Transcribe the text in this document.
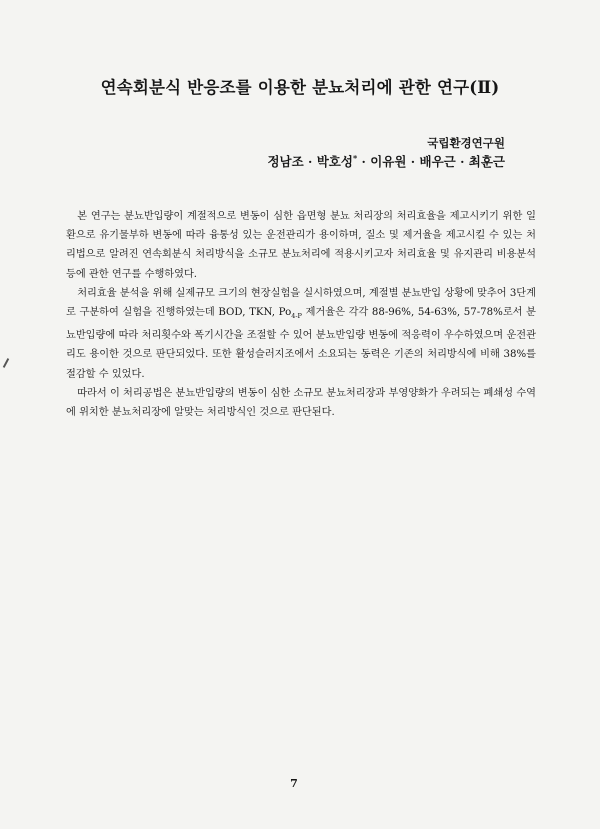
연속회분식 반응조를 이용한 분뇨처리에 관한 연구(Ⅱ)
국립환경연구원
정남조 · 박호성* · 이유원 · 배우근 · 최훈근

본 연구는 분뇨반입량이 계절적으로 변동이 심한 읍면형 분뇨 처리장의 처리효율을 제고시키기 위한 일환으로 유기물부하 변동에 따라 융통성 있는 운전관리가 용이하며, 질소 및 제거율을 제고시킬 수 있는 처리법으로 알려진 연속회분식 처리방식을 소규모 분뇨처리에 적용시키고자 처리효율 및 유지관리 비용분석등에 관한 연구를 수행하였다.

처리효율 분석을 위해 실제규모 크기의 현장실험을 실시하였으며, 계절별 분뇨반입 상황에 맞추어 3단계로 구분하여 실험을 진행하였는데 BOD, TKN, $Po_{4-P}$ 제거율은 각각 88-96%, 54-63%, 57-78%로서 분뇨반입량에 따라 처리횟수와 폭기시간을 조절할 수 있어 분뇨반입량 변동에 적응력이 우수하였으며 운전관리도 용이한 것으로 판단되었다. 또한 활성슬러지조에서 소요되는 동력은 기존의 처리방식에 비해 38%를 절감할 수 있었다.

따라서 이 처리공법은 분뇨반입량의 변동이 심한 소규모 분뇨처리장과 부영양화가 우려되는 폐쇄성 수역에 위치한 분뇨처리장에 알맞는 처리방식인 것으로 판단된다.

7
